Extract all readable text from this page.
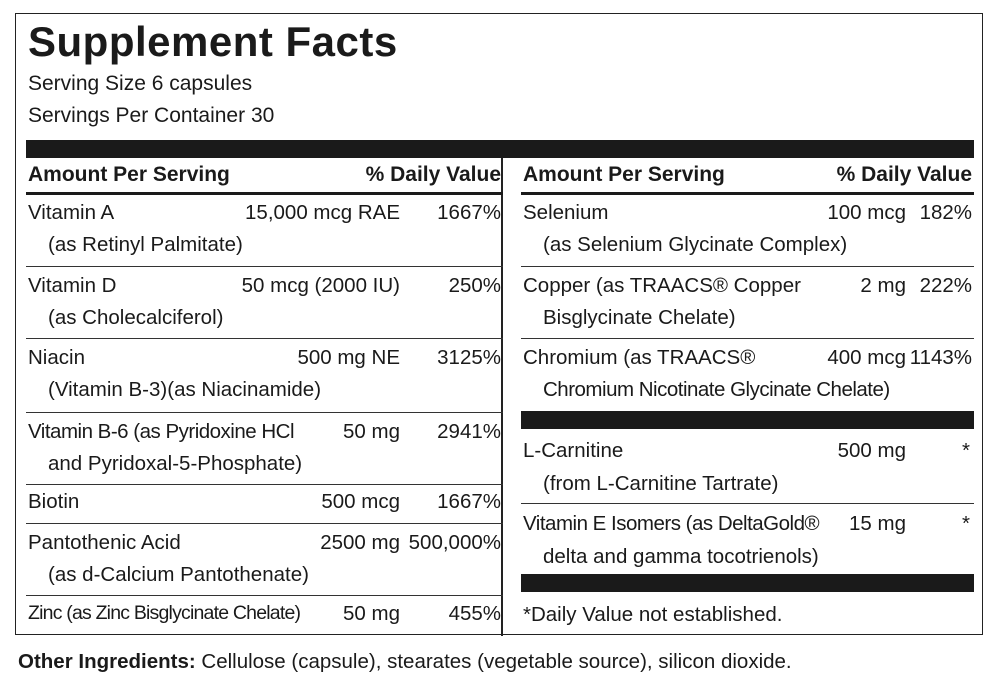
Supplement Facts
Serving Size 6 capsules
Servings Per Container 30
Amount Per Serving	% Daily Value
Vitamin A
(as Retinyl Palmitate)
15,000 mcg RAE 1667%
Vitamin D
(as Cholecalciferol)
50 mcg (2000 IU) 250%
Niacin
(Vitamin B-3)(as Niacinamide)
500 mg NE 3125%
Vitamin B-6 (as Pyridoxine HCl
and Pyridoxal-5-Phosphate)
50 mg 2941%
Biotin	500 mcg 1667%
Pantothenic Acid
(as d-Calcium Pantothenate)
2500 mg 500,000%
Zinc (as Zinc Bisglycinate Chelate) 50 mg 455%
Amount Per Serving	% Daily Value
Selenium
(as Selenium Glycinate Complex)
100 mcg 182%
Copper (as TRAACS® Copper
Bisglycinate Chelate)
2 mg 222%
Chromium (as TRAACS®
Chromium Nicotinate Glycinate Chelate)
400 mcg 1143%
L-Carnitine
(from L-Carnitine Tartrate)
500 mg	*
Vitamin E Isomers (as DeltaGold®
delta and gamma tocotrienols)
15 mg	*
*Daily Value not established.
Other Ingredients: Cellulose (capsule), stearates (vegetable source), silicon dioxide.
